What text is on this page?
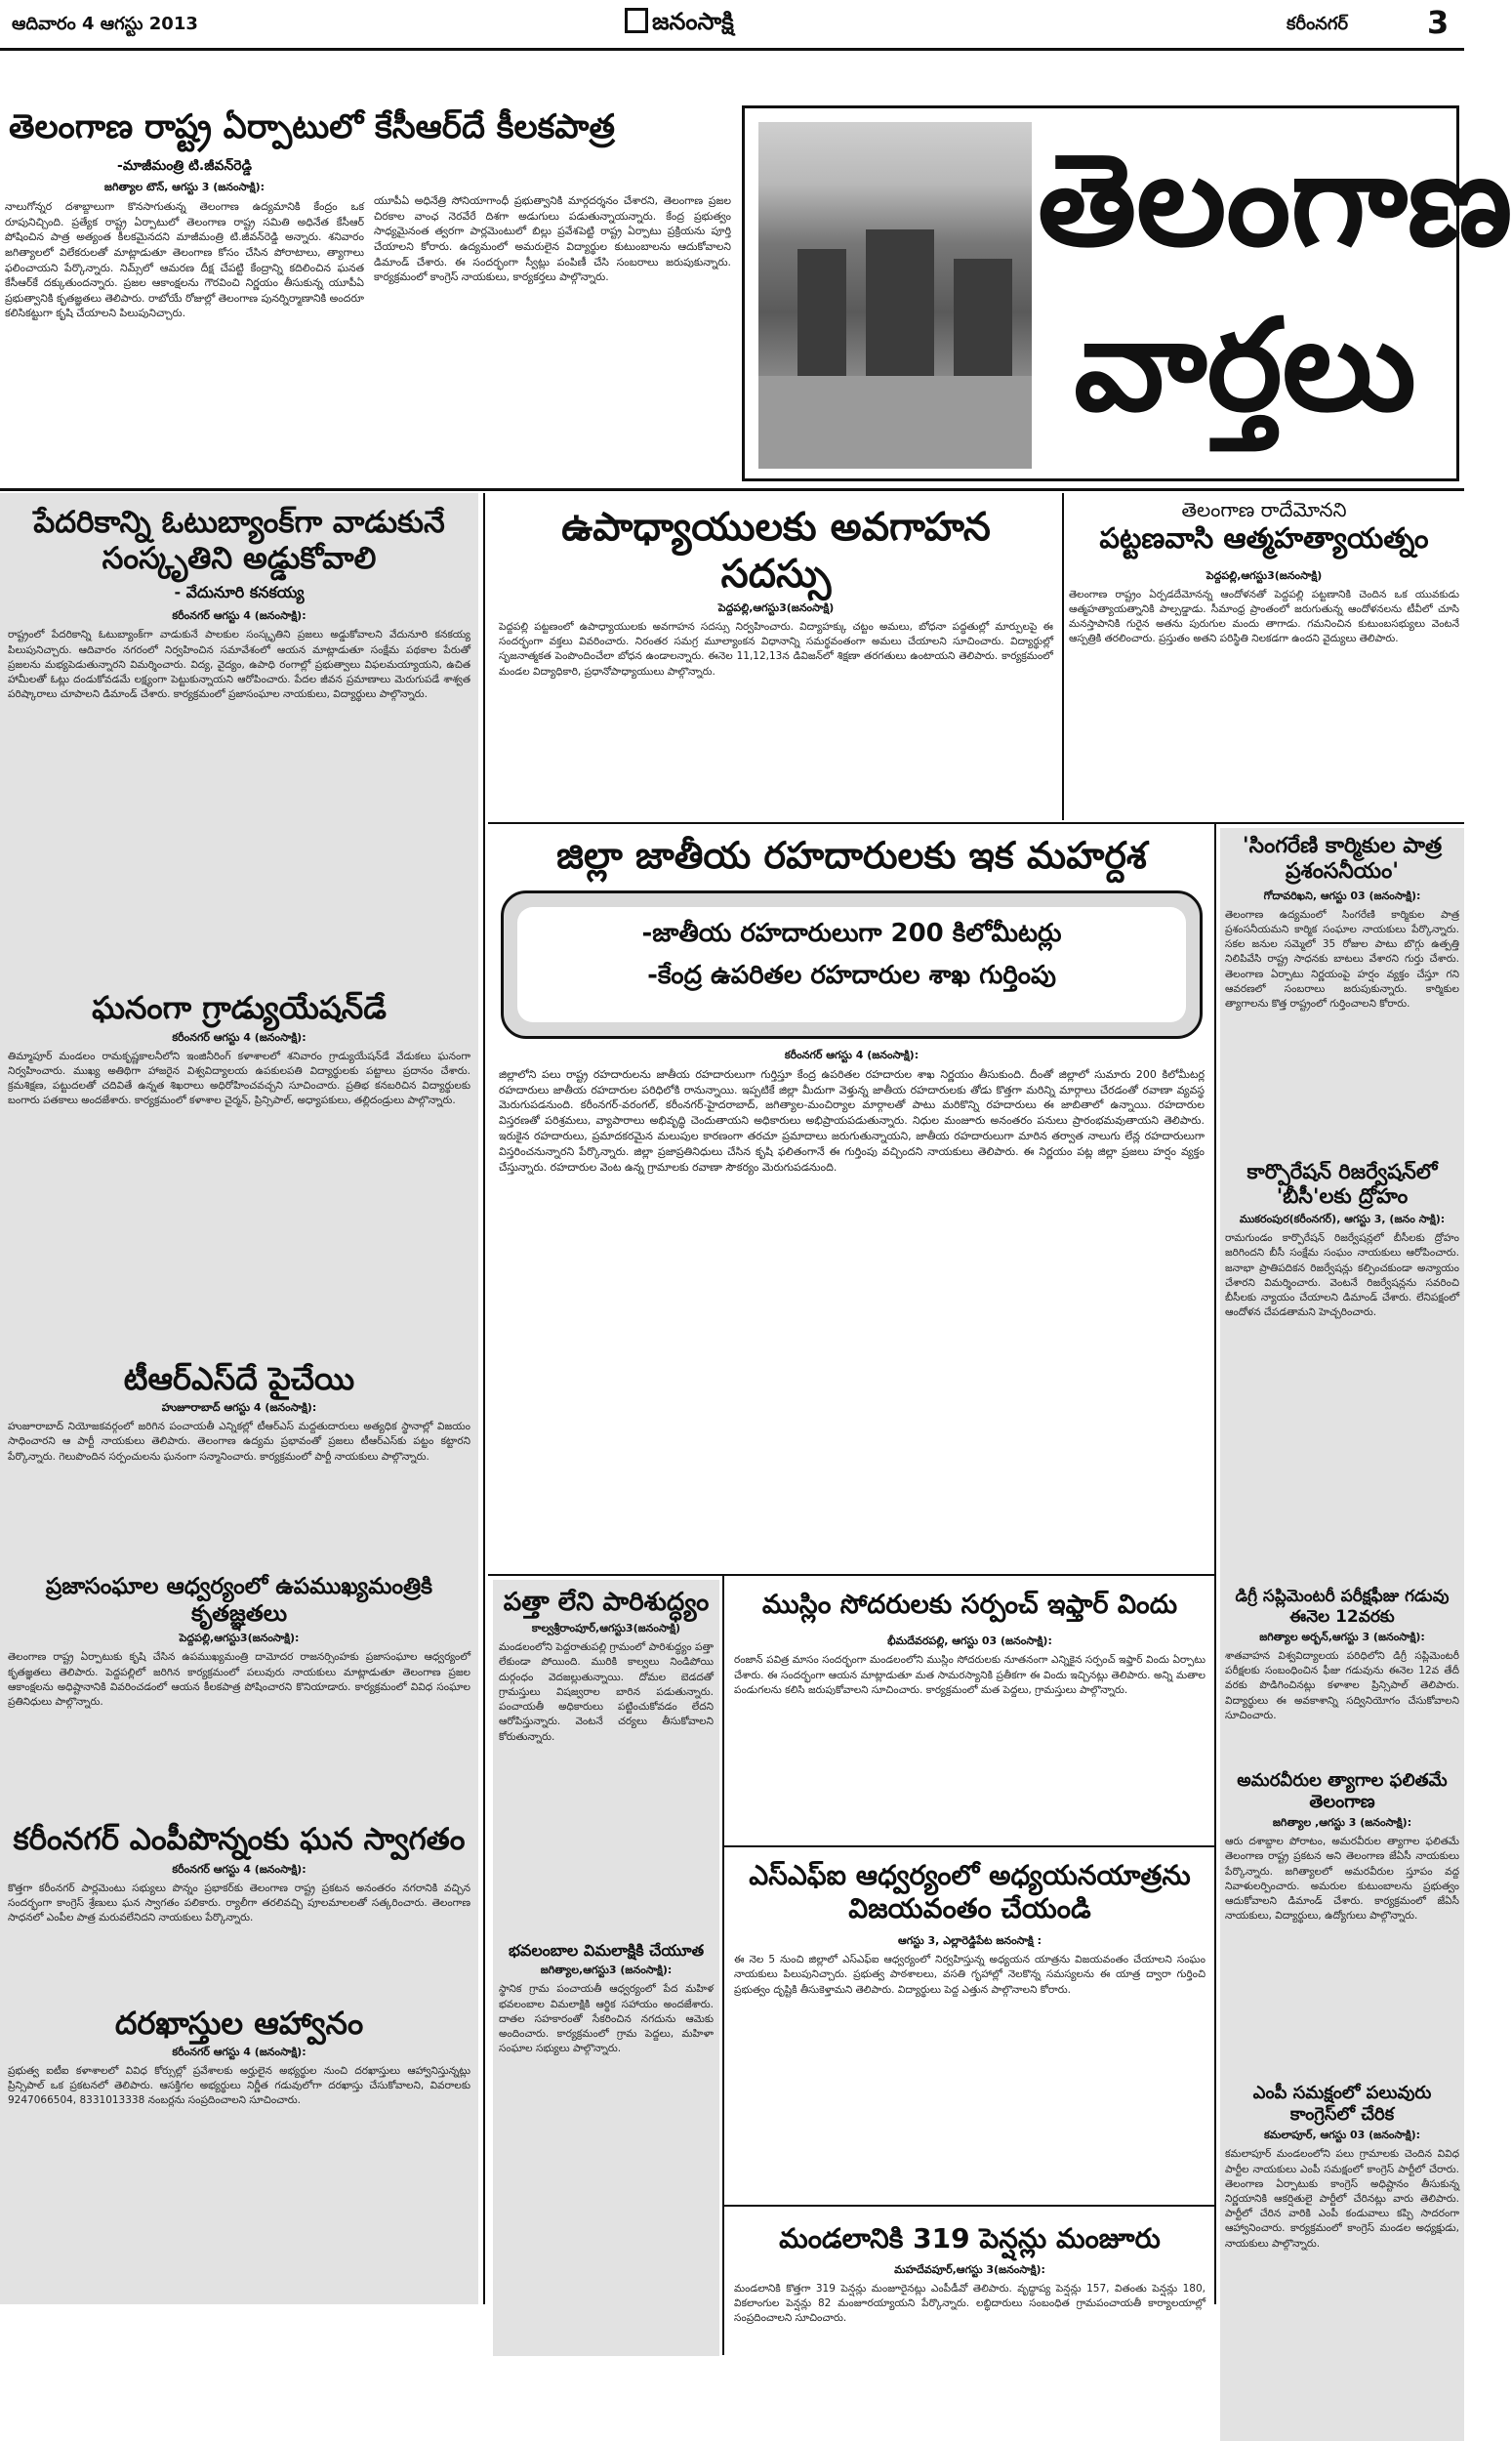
ఆదివారం 4 ఆగస్టు 2013	జనంసాక్షి	కరీంనగర్	3
తెలంగాణ రాష్ట్ర ఏర్పాటులో కేసీఆర్‌దే కీలకపాత్ర
-మాజీమంత్రి టి.జీవన్‌రెడ్డి
జగిత్యాల టౌన్‌, ఆగస్టు 3 (జనంసాక్షి):
నాలుగోన్నర దశాబ్దాలుగా కొనసాగుతున్న తెలంగాణ ఉద్యమానికి కేంద్రం ఒక రూపునిచ్చింది. ప్రత్యేక రాష్ట్ర ఏర్పాటులో తెలంగాణ రాష్ట్ర సమితి అధినేత కేసీఆర్‌ పోషించిన పాత్ర అత్యంత కీలకమైనదని మాజీమంత్రి టి.జీవన్‌రెడ్డి అన్నారు. శనివారం జగిత్యాలలో విలేకరులతో మాట్లాడుతూ తెలంగాణ కోసం చేసిన పోరాటాలు, త్యాగాలు ఫలించాయని పేర్కొన్నారు. నిమ్స్‌లో ఆమరణ దీక్ష చేపట్టి కేంద్రాన్ని కదిలించిన ఘనత కేసీఆర్‌కే దక్కుతుందన్నారు. ప్రజల ఆకాంక్షలను గౌరవించి నిర్ణయం తీసుకున్న యూపీఏ ప్రభుత్వానికి కృతజ్ఞతలు తెలిపారు. రాబోయే రోజుల్లో తెలంగాణ పునర్నిర్మాణానికి అందరూ కలిసికట్టుగా కృషి చేయాలని పిలుపునిచ్చారు.
యూపీఏ అధినేత్రి సోనియాగాంధీ ప్రభుత్వానికి మార్గదర్శనం చేశారని, తెలంగాణ ప్రజల చిరకాల వాంఛ నెరవేరే దిశగా అడుగులు పడుతున్నాయన్నారు. కేంద్ర ప్రభుత్వం సాధ్యమైనంత త్వరగా పార్లమెంటులో బిల్లు ప్రవేశపెట్టి రాష్ట్ర ఏర్పాటు ప్రక్రియను పూర్తి చేయాలని కోరారు. ఉద్యమంలో అమరులైన విద్యార్థుల కుటుంబాలను ఆదుకోవాలని డిమాండ్‌ చేశారు. ఈ సందర్భంగా స్వీట్లు పంపిణీ చేసి సంబరాలు జరుపుకున్నారు. కార్యక్రమంలో కాంగ్రెస్‌ నాయకులు, కార్యకర్తలు పాల్గొన్నారు.
తెలంగాణ
వార్తలు
పేదరికాన్ని ఓటుబ్యాంక్‌గా వాడుకునే సంస్కృతిని అడ్డుకోవాలి
- వేదునూరి కనకయ్య
కరీంనగర్‌ ఆగస్టు 4 (జనంసాక్షి):
రాష్ట్రంలో పేదరికాన్ని ఓటుబ్యాంక్‌గా వాడుకునే పాలకుల సంస్కృతిని ప్రజలు అడ్డుకోవాలని వేదునూరి కనకయ్య పిలుపునిచ్చారు. ఆదివారం నగరంలో నిర్వహించిన సమావేశంలో ఆయన మాట్లాడుతూ సంక్షేమ పథకాల పేరుతో ప్రజలను మభ్యపెడుతున్నారని విమర్శించారు. విద్య, వైద్యం, ఉపాధి రంగాల్లో ప్రభుత్వాలు విఫలమయ్యాయని, ఉచిత హామీలతో ఓట్లు దండుకోవడమే లక్ష్యంగా పెట్టుకున్నాయని ఆరోపించారు. పేదల జీవన ప్రమాణాలు మెరుగుపడే శాశ్వత పరిష్కారాలు చూపాలని డిమాండ్‌ చేశారు. కార్యక్రమంలో ప్రజాసంఘాల నాయకులు, విద్యార్థులు పాల్గొన్నారు.
ఘనంగా గ్రాడ్యుయేషన్‌డే
కరీంనగర్‌ ఆగస్టు 4 (జనంసాక్షి):
తిమ్మాపూర్‌ మండలం రామకృష్ణకాలనీలోని ఇంజినీరింగ్‌ కళాశాలలో శనివారం గ్రాడ్యుయేషన్‌డే వేడుకలు ఘనంగా నిర్వహించారు. ముఖ్య అతిథిగా హాజరైన విశ్వవిద్యాలయ ఉపకులపతి విద్యార్థులకు పట్టాలు ప్రదానం చేశారు. క్రమశిక్షణ, పట్టుదలతో చదివితే ఉన్నత శిఖరాలు అధిరోహించవచ్చని సూచించారు. ప్రతిభ కనబరిచిన విద్యార్థులకు బంగారు పతకాలు అందజేశారు. కార్యక్రమంలో కళాశాల చైర్మన్‌, ప్రిన్సిపాల్‌, అధ్యాపకులు, తల్లిదండ్రులు పాల్గొన్నారు.
టీఆర్‌ఎస్‌దే పైచేయి
హుజూరాబాద్‌ ఆగస్టు 4 (జనంసాక్షి):
హుజూరాబాద్‌ నియోజకవర్గంలో జరిగిన పంచాయతీ ఎన్నికల్లో టీఆర్‌ఎస్‌ మద్దతుదారులు అత్యధిక స్థానాల్లో విజయం సాధించారని ఆ పార్టీ నాయకులు తెలిపారు. తెలంగాణ ఉద్యమ ప్రభావంతో ప్రజలు టీఆర్‌ఎస్‌కు పట్టం కట్టారని పేర్కొన్నారు. గెలుపొందిన సర్పంచులను ఘనంగా సన్మానించారు. కార్యక్రమంలో పార్టీ నాయకులు పాల్గొన్నారు.
ప్రజాసంఘాల ఆధ్వర్యంలో ఉపముఖ్యమంత్రికి కృతజ్ఞతలు
పెద్దపల్లి,ఆగస్టు3(జనంసాక్షి):
తెలంగాణ రాష్ట్ర ఏర్పాటుకు కృషి చేసిన ఉపముఖ్యమంత్రి దామోదర రాజనర్సింహకు ప్రజాసంఘాల ఆధ్వర్యంలో కృతజ్ఞతలు తెలిపారు. పెద్దపల్లిలో జరిగిన కార్యక్రమంలో పలువురు నాయకులు మాట్లాడుతూ తెలంగాణ ప్రజల ఆకాంక్షలను అధిష్టానానికి వివరించడంలో ఆయన కీలకపాత్ర పోషించారని కొనియాడారు. కార్యక్రమంలో వివిధ సంఘాల ప్రతినిధులు పాల్గొన్నారు.
కరీంనగర్‌ ఎంపీపొన్నంకు ఘన స్వాగతం
కరీంనగర్‌ ఆగస్టు 4 (జనంసాక్షి):
కొత్తగా కరీంనగర్‌ పార్లమెంటు సభ్యులు పొన్నం ప్రభాకర్‌కు తెలంగాణ రాష్ట్ర ప్రకటన అనంతరం నగరానికి వచ్చిన సందర్భంగా కాంగ్రెస్‌ శ్రేణులు ఘన స్వాగతం పలికారు. ర్యాలీగా తరలివచ్చి పూలమాలలతో సత్కరించారు. తెలంగాణ సాధనలో ఎంపీల పాత్ర మరువలేనిదని నాయకులు పేర్కొన్నారు.
దరఖాస్తుల ఆహ్వానం
కరీంనగర్‌ ఆగస్టు 4 (జనంసాక్షి):
ప్రభుత్వ ఐటీఐ కళాశాలలో వివిధ కోర్సుల్లో ప్రవేశాలకు అర్హులైన అభ్యర్థుల నుంచి దరఖాస్తులు ఆహ్వానిస్తున్నట్లు ప్రిన్సిపాల్‌ ఒక ప్రకటనలో తెలిపారు. ఆసక్తిగల అభ్యర్థులు నిర్ణీత గడువులోగా దరఖాస్తు చేసుకోవాలని, వివరాలకు 9247066504, 8331013338 నంబర్లను సంప్రదించాలని సూచించారు.
ఉపాధ్యాయులకు అవగాహన సదస్సు
పెద్దపల్లి,ఆగస్టు3(జనంసాక్షి)
పెద్దపల్లి పట్టణంలో ఉపాధ్యాయులకు అవగాహన సదస్సు నిర్వహించారు. విద్యాహక్కు చట్టం అమలు, బోధనా పద్ధతుల్లో మార్పులపై ఈ సందర్భంగా వక్తలు వివరించారు. నిరంతర సమగ్ర మూల్యాంకన విధానాన్ని సమర్థవంతంగా అమలు చేయాలని సూచించారు. విద్యార్థుల్లో సృజనాత్మకత పెంపొందించేలా బోధన ఉండాలన్నారు. ఈనెల 11,12,13న డివిజన్‌లో శిక్షణా తరగతులు ఉంటాయని తెలిపారు. కార్యక్రమంలో మండల విద్యాధికారి, ప్రధానోపాధ్యాయులు పాల్గొన్నారు.
తెలంగాణ రాదేమోనని
పట్టణవాసి ఆత్మహత్యాయత్నం
పెద్దపల్లి,ఆగస్టు3(జనంసాక్షి)
తెలంగాణ రాష్ట్రం ఏర్పడదేమోనన్న ఆందోళనతో పెద్దపల్లి పట్టణానికి చెందిన ఒక యువకుడు ఆత్మహత్యాయత్నానికి పాల్పడ్డాడు. సీమాంధ్ర ప్రాంతంలో జరుగుతున్న ఆందోళనలను టీవీలో చూసి మనస్తాపానికి గురైన అతను పురుగుల మందు తాగాడు. గమనించిన కుటుంబసభ్యులు వెంటనే ఆస్పత్రికి తరలించారు. ప్రస్తుతం అతని పరిస్థితి నిలకడగా ఉందని వైద్యులు తెలిపారు.
జిల్లా జాతీయ రహదారులకు ఇక మహర్దశ
-జాతీయ రహదారులుగా 200 కిలోమీటర్లు
-కేంద్ర ఉపరితల రహదారుల శాఖ గుర్తింపు
కరీంనగర్‌ ఆగస్టు 4 (జనంసాక్షి):
జిల్లాలోని పలు రాష్ట్ర రహదారులను జాతీయ రహదారులుగా గుర్తిస్తూ కేంద్ర ఉపరితల రహదారుల శాఖ నిర్ణయం తీసుకుంది. దీంతో జిల్లాలో సుమారు 200 కిలోమీటర్ల రహదారులు జాతీయ రహదారుల పరిధిలోకి రానున్నాయి. ఇప్పటికే జిల్లా మీదుగా వెళ్తున్న జాతీయ రహదారులకు తోడు కొత్తగా మరిన్ని మార్గాలు చేరడంతో రవాణా వ్యవస్థ మెరుగుపడనుంది. కరీంనగర్‌-వరంగల్‌, కరీంనగర్‌-హైదరాబాద్‌, జగిత్యాల-మంచిర్యాల మార్గాలతో పాటు మరికొన్ని రహదారులు ఈ జాబితాలో ఉన్నాయి. రహదారుల విస్తరణతో పరిశ్రమలు, వ్యాపారాలు అభివృద్ధి చెందుతాయని అధికారులు అభిప్రాయపడుతున్నారు. నిధుల మంజూరు అనంతరం పనులు ప్రారంభమవుతాయని తెలిపారు. ఇరుకైన రహదారులు, ప్రమాదకరమైన మలుపుల కారణంగా తరచూ ప్రమాదాలు జరుగుతున్నాయని, జాతీయ రహదారులుగా మారిన తర్వాత నాలుగు లేన్ల రహదారులుగా విస్తరించనున్నారని పేర్కొన్నారు. జిల్లా ప్రజాప్రతినిధులు చేసిన కృషి ఫలితంగానే ఈ గుర్తింపు వచ్చిందని నాయకులు తెలిపారు. ఈ నిర్ణయం పట్ల జిల్లా ప్రజలు హర్షం వ్యక్తం చేస్తున్నారు. రహదారుల వెంట ఉన్న గ్రామాలకు రవాణా సౌకర్యం మెరుగుపడనుంది.
'సింగరేణి కార్మికుల పాత్ర ప్రశంసనీయం'
గోదావరిఖని, ఆగస్టు 03 (జనంసాక్షి):
తెలంగాణ ఉద్యమంలో సింగరేణి కార్మికుల పాత్ర ప్రశంసనీయమని కార్మిక సంఘాల నాయకులు పేర్కొన్నారు. సకల జనుల సమ్మెలో 35 రోజుల పాటు బొగ్గు ఉత్పత్తి నిలిపివేసి రాష్ట్ర సాధనకు బాటలు వేశారని గుర్తు చేశారు. తెలంగాణ ఏర్పాటు నిర్ణయంపై హర్షం వ్యక్తం చేస్తూ గని ఆవరణలో సంబరాలు జరుపుకున్నారు. కార్మికుల త్యాగాలను కొత్త రాష్ట్రంలో గుర్తించాలని కోరారు.
కార్పొరేషన్‌ రిజర్వేషన్‌లో 'బీసీ'లకు ద్రోహం
ముకరంపుర(కరీంనగర్‌), ఆగస్టు 3, (జనం సాక్షి):
రామగుండం కార్పొరేషన్‌ రిజర్వేషన్లలో బీసీలకు ద్రోహం జరిగిందని బీసీ సంక్షేమ సంఘం నాయకులు ఆరోపించారు. జనాభా ప్రాతిపదికన రిజర్వేషన్లు కల్పించకుండా అన్యాయం చేశారని విమర్శించారు. వెంటనే రిజర్వేషన్లను సవరించి బీసీలకు న్యాయం చేయాలని డిమాండ్‌ చేశారు. లేనిపక్షంలో ఆందోళన చేపడతామని హెచ్చరించారు.
డిగ్రీ సప్లిమెంటరీ పరీక్షఫీజు గడువు ఈనెల 12వరకు
జగిత్యాల అర్బన్‌,ఆగస్టు 3 (జనంసాక్షి):
శాతవాహన విశ్వవిద్యాలయ పరిధిలోని డిగ్రీ సప్లిమెంటరీ పరీక్షలకు సంబంధించిన ఫీజు గడువును ఈనెల 12వ తేదీ వరకు పొడిగించినట్లు కళాశాల ప్రిన్సిపాల్‌ తెలిపారు. విద్యార్థులు ఈ అవకాశాన్ని సద్వినియోగం చేసుకోవాలని సూచించారు.
అమరవీరుల త్యాగాల ఫలితమే తెలంగాణ
జగిత్యాల ,ఆగస్టు 3 (జనంసాక్షి):
ఆరు దశాబ్దాల పోరాటం, అమరవీరుల త్యాగాల ఫలితమే తెలంగాణ రాష్ట్ర ప్రకటన అని తెలంగాణ జేఏసీ నాయకులు పేర్కొన్నారు. జగిత్యాలలో అమరవీరుల స్తూపం వద్ద నివాళులర్పించారు. అమరుల కుటుంబాలను ప్రభుత్వం ఆదుకోవాలని డిమాండ్‌ చేశారు. కార్యక్రమంలో జేఏసీ నాయకులు, విద్యార్థులు, ఉద్యోగులు పాల్గొన్నారు.
ఎంపీ సమక్షంలో పలువురు కాంగ్రెస్‌లో చేరిక
కమలాపూర్‌, ఆగస్టు 03 (జనంసాక్షి):
కమలాపూర్‌ మండలంలోని పలు గ్రామాలకు చెందిన వివిధ పార్టీల నాయకులు ఎంపీ సమక్షంలో కాంగ్రెస్‌ పార్టీలో చేరారు. తెలంగాణ ఏర్పాటుకు కాంగ్రెస్‌ అధిష్టానం తీసుకున్న నిర్ణయానికి ఆకర్షితులై పార్టీలో చేరినట్లు వారు తెలిపారు. పార్టీలో చేరిన వారికి ఎంపీ కండువాలు కప్పి సాదరంగా ఆహ్వానించారు. కార్యక్రమంలో కాంగ్రెస్‌ మండల అధ్యక్షుడు, నాయకులు పాల్గొన్నారు.
పత్తా లేని పారిశుద్ధ్యం
కాల్వశ్రీరాంపూర్‌,ఆగస్టు3(జనంసాక్షి)
మండలంలోని పెద్దరాతుపల్లి గ్రామంలో పారిశుద్ధ్యం పత్తా లేకుండా పోయింది. మురికి కాల్వలు నిండిపోయి దుర్గంధం వెదజల్లుతున్నాయి. దోమల బెడదతో గ్రామస్తులు విషజ్వరాల బారిన పడుతున్నారు. పంచాయతీ అధికారులు పట్టించుకోవడం లేదని ఆరోపిస్తున్నారు. వెంటనే చర్యలు తీసుకోవాలని కోరుతున్నారు.
భవలంబాల విమలాక్షికి చేయూత
జగిత్యాల,ఆగస్టు3 (జనంసాక్షి):
స్థానిక గ్రామ పంచాయతీ ఆధ్వర్యంలో పేద మహిళ భవలంబాల విమలాక్షికి ఆర్థిక సహాయం అందజేశారు. దాతల సహకారంతో సేకరించిన నగదును ఆమెకు అందించారు. కార్యక్రమంలో గ్రామ పెద్దలు, మహిళా సంఘాల సభ్యులు పాల్గొన్నారు.
ముస్లిం సోదరులకు సర్పంచ్‌ ఇఫ్తార్‌ విందు
భీమదేవరపల్లి, ఆగస్టు 03 (జనంసాక్షి):
రంజాన్‌ పవిత్ర మాసం సందర్భంగా మండలంలోని ముస్లిం సోదరులకు నూతనంగా ఎన్నికైన సర్పంచ్‌ ఇఫ్తార్‌ విందు ఏర్పాటు చేశారు. ఈ సందర్భంగా ఆయన మాట్లాడుతూ మత సామరస్యానికి ప్రతీకగా ఈ విందు ఇచ్చినట్లు తెలిపారు. అన్ని మతాల పండుగలను కలిసి జరుపుకోవాలని సూచించారు. కార్యక్రమంలో మత పెద్దలు, గ్రామస్తులు పాల్గొన్నారు.
ఎస్‌ఎఫ్‌ఐ ఆధ్వర్యంలో అధ్యయనయాత్రను విజయవంతం చేయండి
ఆగస్టు 3, ఎల్లారెడ్డిపేట జనంసాక్షి :
ఈ నెల 5 నుంచి జిల్లాలో ఎస్‌ఎఫ్‌ఐ ఆధ్వర్యంలో నిర్వహిస్తున్న అధ్యయన యాత్రను విజయవంతం చేయాలని సంఘం నాయకులు పిలుపునిచ్చారు. ప్రభుత్వ పాఠశాలలు, వసతి గృహాల్లో నెలకొన్న సమస్యలను ఈ యాత్ర ద్వారా గుర్తించి ప్రభుత్వం దృష్టికి తీసుకెళ్తామని తెలిపారు. విద్యార్థులు పెద్ద ఎత్తున పాల్గొనాలని కోరారు.
మండలానికి 319 పెన్షన్లు మంజూరు
మహదేవపూర్‌,ఆగస్టు 3(జనంసాక్షి):
మండలానికి కొత్తగా 319 పెన్షన్లు మంజూరైనట్లు ఎంపీడీవో తెలిపారు. వృద్ధాప్య పెన్షన్లు 157, వితంతు పెన్షన్లు 180, వికలాంగుల పెన్షన్లు 82 మంజూరయ్యాయని పేర్కొన్నారు. లబ్ధిదారులు సంబంధిత గ్రామపంచాయతీ కార్యాలయాల్లో సంప్రదించాలని సూచించారు.
